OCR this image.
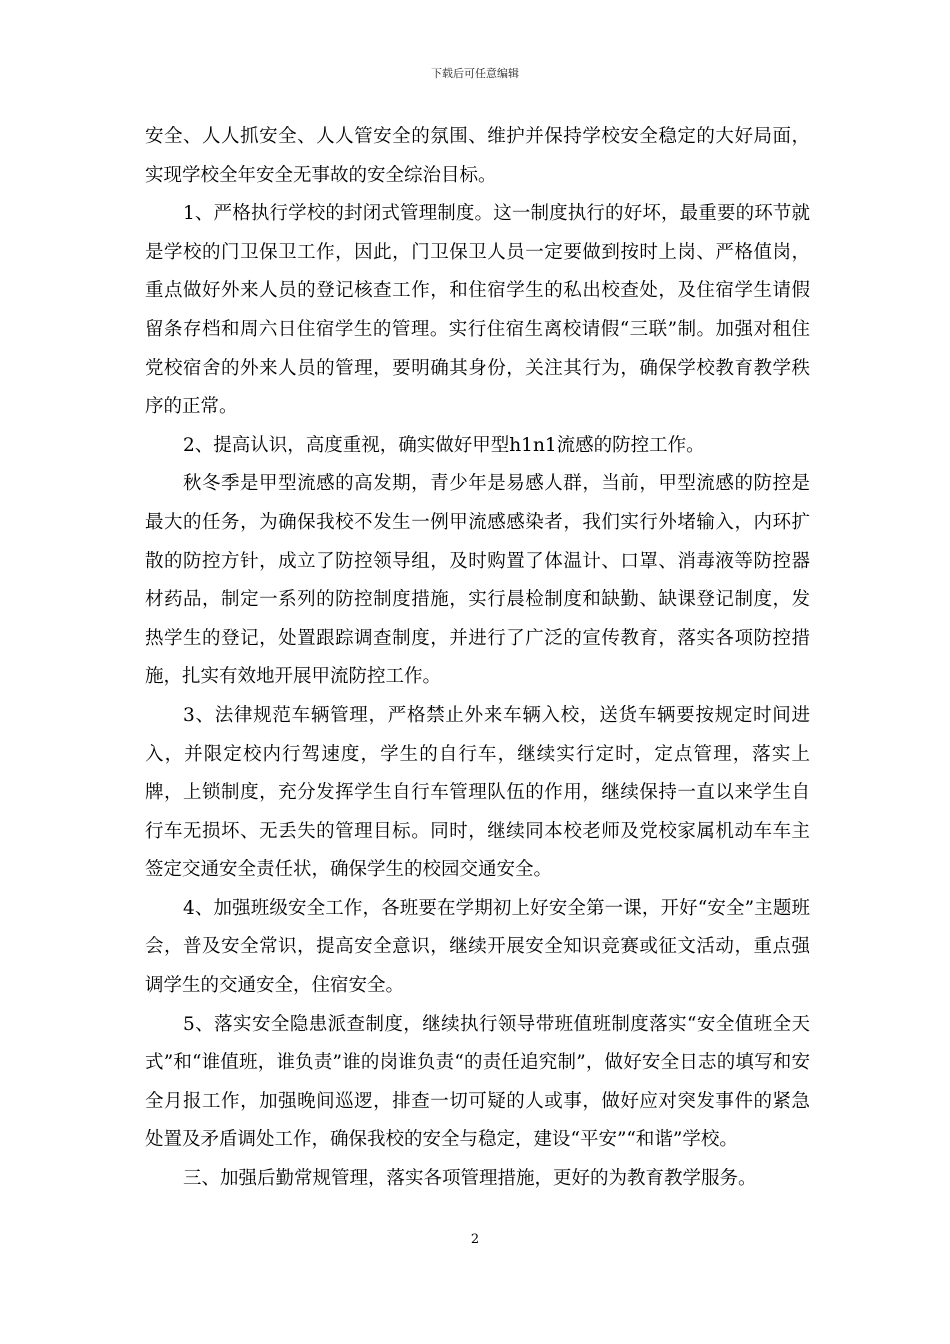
下载后可任意编辑

安全、人人抓安全、人人管安全的氛围、维护并保持学校安全稳定的大好局面，实现学校全年安全无事故的安全综治目标。

1、严格执行学校的封闭式管理制度。这一制度执行的好坏，最重要的环节就是学校的门卫保卫工作，因此，门卫保卫人员一定要做到按时上岗、严格值岗，重点做好外来人员的登记核查工作，和住宿学生的私出校查处，及住宿学生请假留条存档和周六日住宿学生的管理。实行住宿生离校请假“三联”制。加强对租住党校宿舍的外来人员的管理，要明确其身份，关注其行为，确保学校教育教学秩序的正常。

2、提高认识，高度重视，确实做好甲型h1n1流感的防控工作。

秋冬季是甲型流感的高发期，青少年是易感人群，当前，甲型流感的防控是最大的任务，为确保我校不发生一例甲流感感染者，我们实行外堵输入，内环扩散的防控方针，成立了防控领导组，及时购置了体温计、口罩、消毒液等防控器材药品，制定一系列的防控制度措施，实行晨检制度和缺勤、缺课登记制度，发热学生的登记，处置跟踪调查制度，并进行了广泛的宣传教育，落实各项防控措施，扎实有效地开展甲流防控工作。

3、法律规范车辆管理，严格禁止外来车辆入校，送货车辆要按规定时间进入，并限定校内行驾速度，学生的自行车，继续实行定时，定点管理，落实上牌，上锁制度，充分发挥学生自行车管理队伍的作用，继续保持一直以来学生自行车无损坏、无丢失的管理目标。同时，继续同本校老师及党校家属机动车车主签定交通安全责任状，确保学生的校园交通安全。

4、加强班级安全工作，各班要在学期初上好安全第一课，开好“安全”主题班会，普及安全常识，提高安全意识，继续开展安全知识竞赛或征文活动，重点强调学生的交通安全，住宿安全。

5、落实安全隐患派查制度，继续执行领导带班值班制度落实“安全值班全天式”和“谁值班，谁负责”谁的岗谁负责“的责任追究制”，做好安全日志的填写和安全月报工作，加强晚间巡逻，排查一切可疑的人或事，做好应对突发事件的紧急处置及矛盾调处工作，确保我校的安全与稳定，建设“平安”“和谐”学校。

三、加强后勤常规管理，落实各项管理措施，更好的为教育教学服务。

2
